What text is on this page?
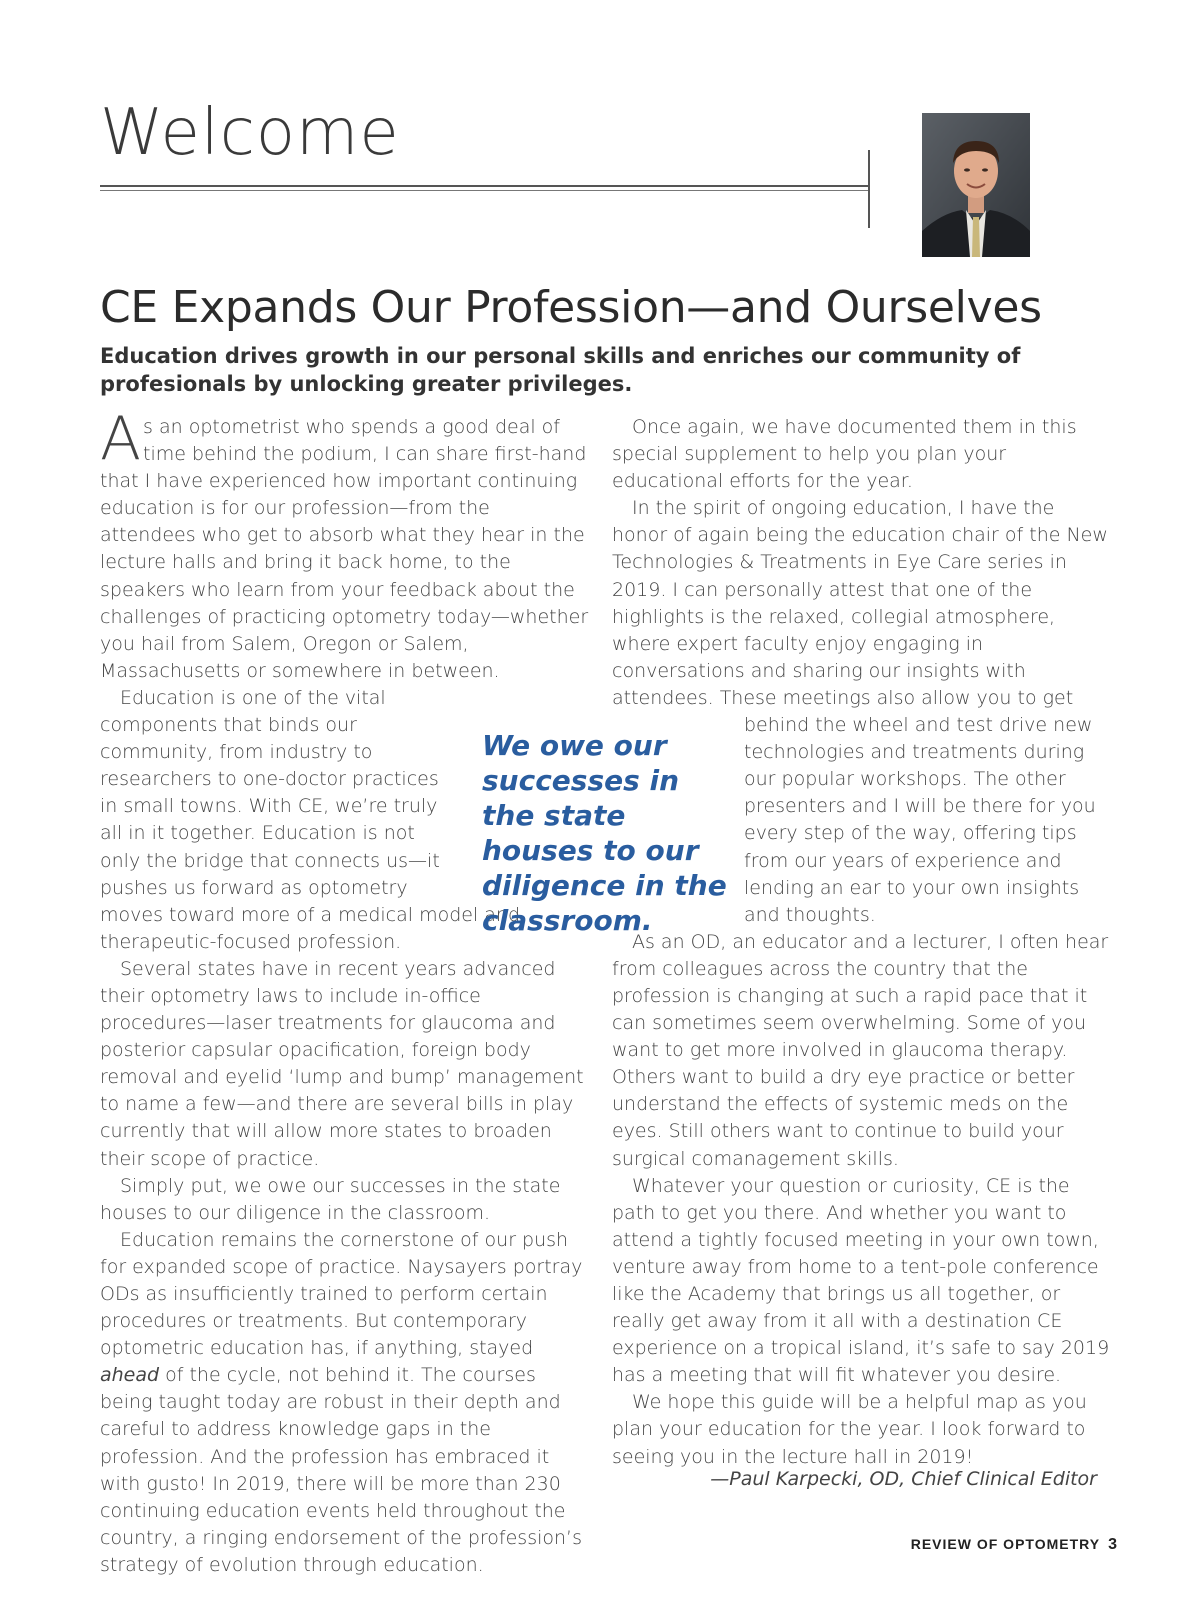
Welcome
CE Expands Our Profession—and Ourselves
Education drives growth in our personal skills and enriches our community of profesionals by unlocking greater privileges.

As an optometrist who spends a good deal of time behind the podium, I can share first-hand that I have experienced how important continuing education is for our profession—from the attendees who get to absorb what they hear in the lecture halls and bring it back home, to the speakers who learn from your feedback about the challenges of practicing optometry today—whether you hail from Salem, Oregon or Salem, Massachusetts or somewhere in between.

Education is one of the vital components that binds our community, from industry to researchers to one-doctor practices in small towns. With CE, we’re truly all in it together. Education is not only the bridge that connects us—it pushes us forward as optometry moves toward more of a medical model and therapeutic-focused profession.

Several states have in recent years advanced their optometry laws to include in-office procedures—laser treatments for glaucoma and posterior capsular opacification, foreign body removal and eyelid ‘lump and bump’ management to name a few—and there are several bills in play currently that will allow more states to broaden their scope of practice.

Simply put, we owe our successes in the state houses to our diligence in the classroom.

Education remains the cornerstone of our push for expanded scope of practice. Naysayers portray ODs as insufficiently trained to perform certain procedures or treatments. But contemporary optometric education has, if anything, stayed ahead of the cycle, not behind it. The courses being taught today are robust in their depth and careful to address knowledge gaps in the profession. And the profession has embraced it with gusto! In 2019, there will be more than 230 continuing education events held throughout the country, a ringing endorsement of the profession’s strategy of evolution through education.

Once again, we have documented them in this special supplement to help you plan your educational efforts for the year.

In the spirit of ongoing education, I have the honor of again being the education chair of the New Technologies & Treatments in Eye Care series in 2019. I can personally attest that one of the highlights is the relaxed, collegial atmosphere, where expert faculty enjoy engaging in conversations and sharing our insights with attendees. These meetings also allow you to get behind the wheel and test drive
new technologies and treatments during our popular workshops. The other presenters and I will be there for you every step of the way, offering tips from our years of experience and lending an ear to your own insights and thoughts.

As an OD, an educator and a lecturer, I often hear from colleagues across the country that the profession is changing at such a rapid pace that it can sometimes seem overwhelming. Some of you want to get more involved in glaucoma therapy. Others want to build a dry eye practice or better understand the effects of systemic meds on the eyes. Still others want to continue to build your surgical comanagement skills.

Whatever your question or curiosity, CE is the path to get you there. And whether you want to attend a tightly focused meeting in your own town, venture away from home to a tent-pole conference like the Academy that brings us all together, or really get away from it all with a destination CE experience on a tropical island, it’s safe to say 2019 has a meeting that will fit whatever you desire.

We hope this guide will be a helpful map as you plan your education for the year. I look forward to seeing you in the lecture hall in 2019!

We owe our successes in the state houses to our diligence in the classroom.
—Paul Karpecki, OD, Chief Clinical Editor
REVIEW OF OPTOMETRY 3
